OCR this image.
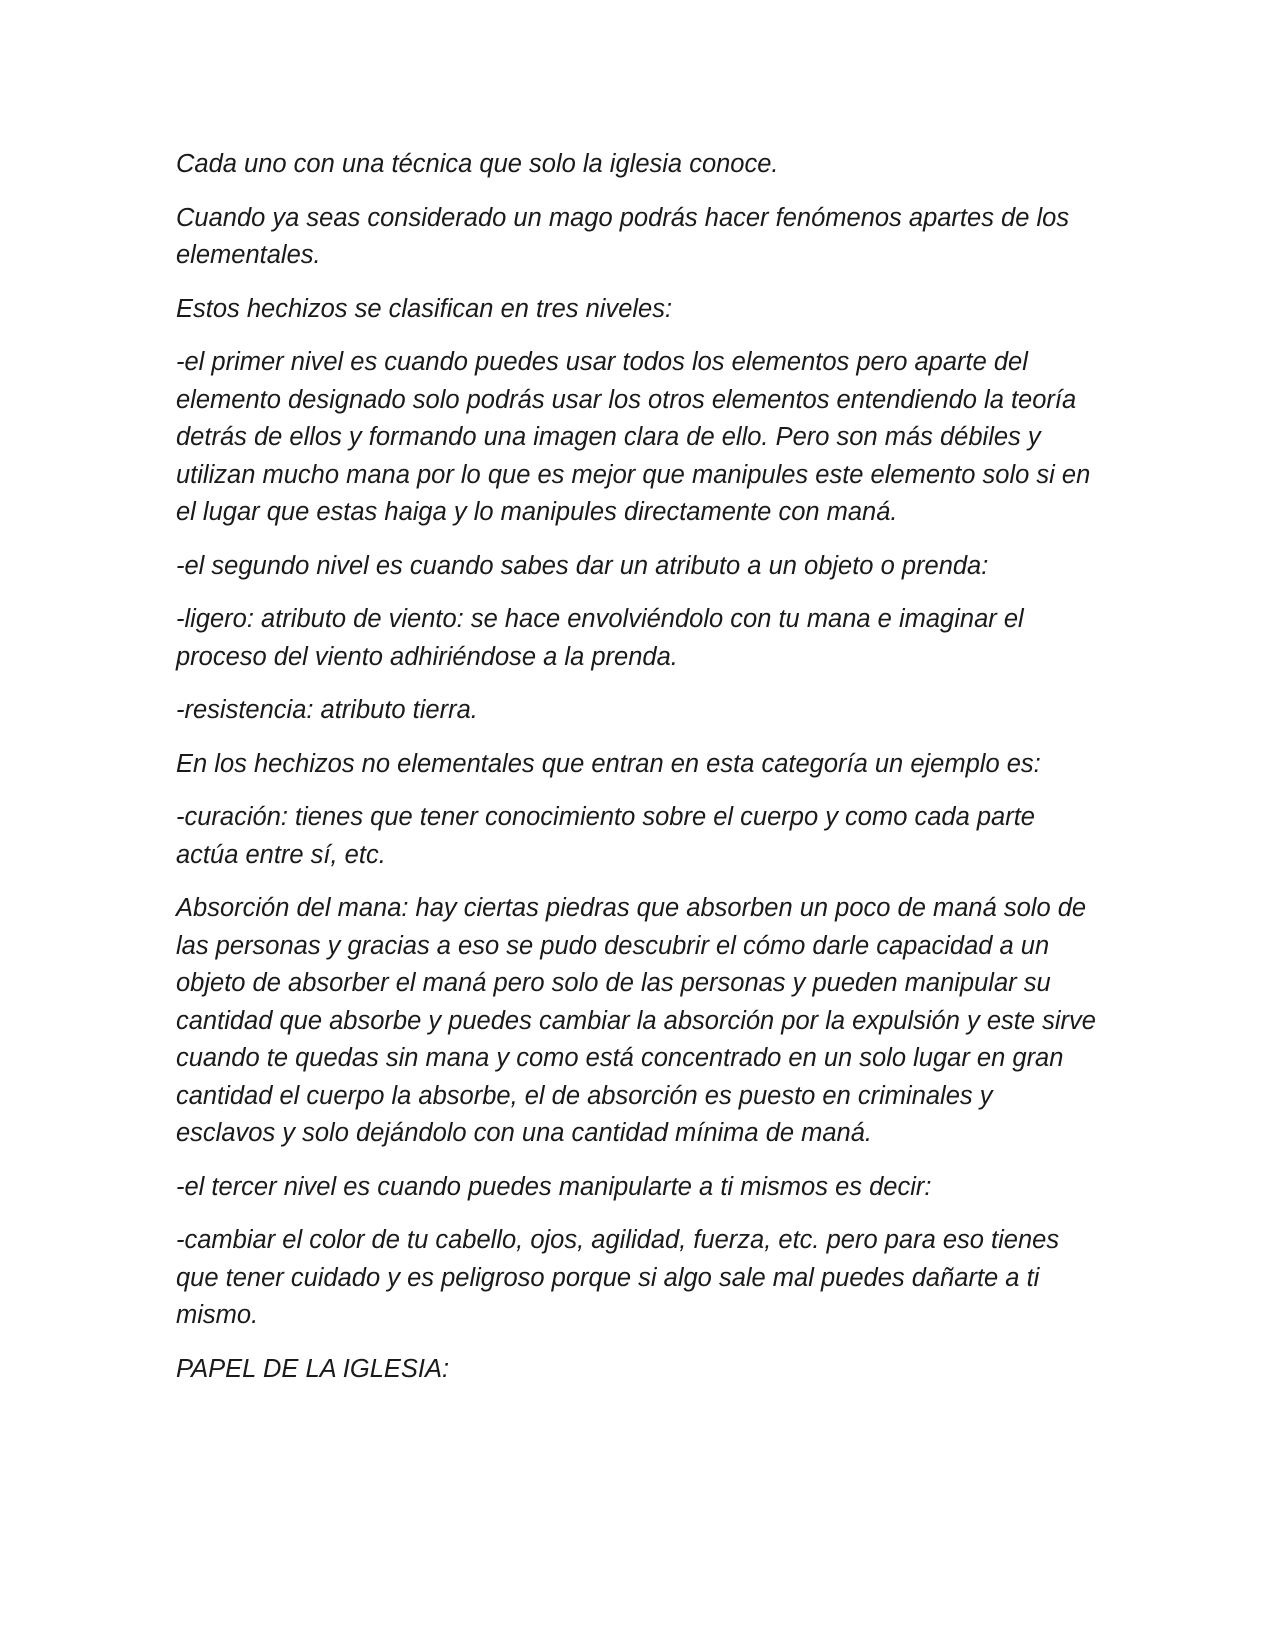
Cada uno con una técnica que solo la iglesia conoce.

Cuando ya seas considerado un mago podrás hacer fenómenos apartes de los elementales.

Estos hechizos se clasifican en tres niveles:

-el primer nivel es cuando puedes usar todos los elementos pero aparte del elemento designado solo podrás usar los otros elementos entendiendo la teoría detrás de ellos y formando una imagen clara de ello. Pero son más débiles y utilizan mucho mana por lo que es mejor que manipules este elemento solo si en el lugar que estas haiga y lo manipules directamente con maná.

-el segundo nivel es cuando sabes dar un atributo a un objeto o prenda:

-ligero: atributo de viento: se hace envolviéndolo con tu mana e imaginar el proceso del viento adhiriéndose a la prenda.

-resistencia: atributo tierra.

En los hechizos no elementales que entran en esta categoría un ejemplo es:

-curación: tienes que tener conocimiento sobre el cuerpo y como cada parte actúa entre sí, etc.

Absorción del mana: hay ciertas piedras que absorben un poco de maná solo de las personas y gracias a eso se pudo descubrir el cómo darle capacidad a un objeto de absorber el maná pero solo de las personas y pueden manipular su cantidad que absorbe y puedes cambiar la absorción por la expulsión y este sirve cuando te quedas sin mana y como está concentrado en un solo lugar en gran cantidad el cuerpo la absorbe, el de absorción es puesto en criminales y esclavos y solo dejándolo con una cantidad mínima de maná.

-el tercer nivel es cuando puedes manipularte a ti mismos es decir:

-cambiar el color de tu cabello, ojos, agilidad, fuerza, etc. pero para eso tienes que tener cuidado y es peligroso porque si algo sale mal puedes dañarte a ti mismo.

PAPEL DE LA IGLESIA:
